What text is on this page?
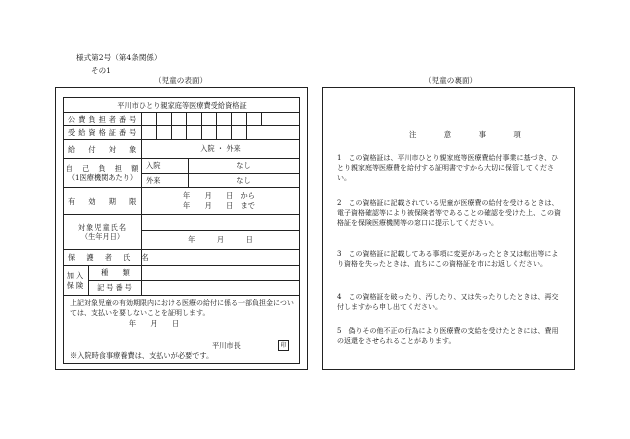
様式第2号（第4条関係）
その1
（児童の表面）	（児童の裏面）
平川市ひとり親家庭等医療費受給資格証
公費負担者番号
受給資格証番号
給　付　対　象	入院 ・ 外来
自　己　負　担　額
（1医療機関あたり）
入院	なし
外来	なし
有　効　期　限
年　　月　　日　から
年　　月　　日　まで
対象児童氏名
（生年月日）	年　　　月　　　日
保　護　者　氏　名
加入保険
種　　類
記号番号
上記対象児童の有効期限内における医療の給付に係る一部負担金については、支払いを要しないことを証明します。
年　　月　　日
平川市長	印
※入院時食事療養費は、支払いが必要です。
注　意　事　項
1　この資格証は、平川市ひとり親家庭等医療費給付事業に基づき、ひとり親家庭等医療費を給付する証明書ですから大切に保管してください。
2　この資格証に記載されている児童が医療費の給付を受けるときは、電子資格確認等により被保険者等であることの確認を受けた上、この資格証を保険医療機関等の窓口に提示してください。
3　この資格証に記載してある事項に変更があったとき又は転出等により資格を失ったときは、直ちにこの資格証を市にお返しください。
4　この資格証を破ったり、汚したり、又は失ったりしたときは、再交付しますから申し出てください。
5　偽りその他不正の行為により医療費の支給を受けたときには、費用の返還をさせられることがあります。
